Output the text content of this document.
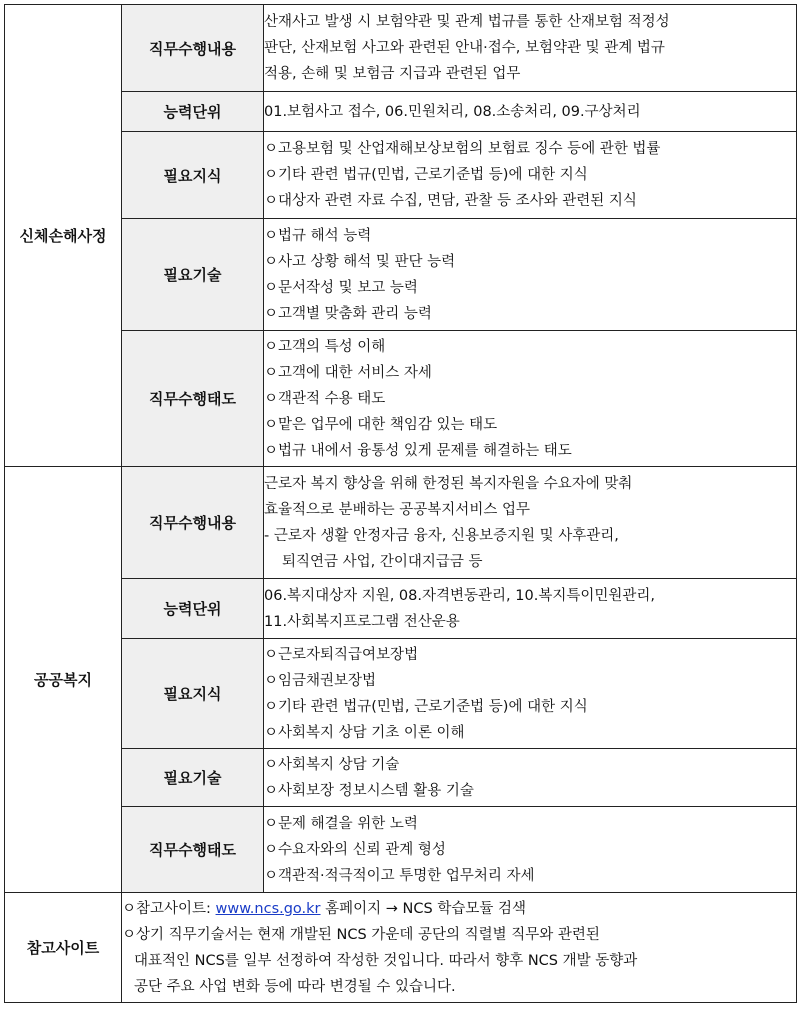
신체손해사정	직무수행내용	산재사고 발생 시 보험약관 및 관계 법규를 통한 산재보험 적정성
판단, 산재보험 사고와 관련된 안내·접수, 보험약관 및 관계 법규
적용, 손해 및 보험금 지급과 관련된 업무

	능력단위	01.보험사고 접수, 06.민원처리, 08.소송처리, 09.구상처리

	필요지식	ㅇ고용보험 및 산업재해보상보험의 보험료 징수 등에 관한 법률
ㅇ기타 관련 법규(민법, 근로기준법 등)에 대한 지식
ㅇ대상자 관련 자료 수집, 면담, 관찰 등 조사와 관련된 지식

	필요기술	ㅇ법규 해석 능력
ㅇ사고 상황 해석 및 판단 능력
ㅇ문서작성 및 보고 능력
ㅇ고객별 맞춤화 관리 능력

	직무수행태도	ㅇ고객의 특성 이해
ㅇ고객에 대한 서비스 자세
ㅇ객관적 수용 태도
ㅇ맡은 업무에 대한 책임감 있는 태도
ㅇ법규 내에서 융통성 있게 문제를 해결하는 태도

공공복지	직무수행내용	근로자 복지 향상을 위해 한정된 복지자원을 수요자에 맞춰
효율적으로 분배하는 공공복지서비스 업무
- 근로자 생활 안정자금 융자, 신용보증지원 및 사후관리,
퇴직연금 사업, 간이대지급금 등

	능력단위	06.복지대상자 지원, 08.자격변동관리, 10.복지특이민원관리,
11.사회복지프로그램 전산운용

	필요지식	ㅇ근로자퇴직급여보장법
ㅇ임금채권보장법
ㅇ기타 관련 법규(민법, 근로기준법 등)에 대한 지식
ㅇ사회복지 상담 기초 이론 이해

	필요기술	ㅇ사회복지 상담 기술
ㅇ사회보장 정보시스템 활용 기술

	직무수행태도	ㅇ문제 해결을 위한 노력
ㅇ수요자와의 신뢰 관계 형성
ㅇ객관적·적극적이고 투명한 업무처리 자세

참고사이트	ㅇ참고사이트: www.ncs.go.kr 홈페이지 → NCS 학습모듈 검색
ㅇ상기 직무기술서는 현재 개발된 NCS 가운데 공단의 직렬별 직무와 관련된
대표적인 NCS를 일부 선정하여 작성한 것입니다. 따라서 향후 NCS 개발 동향과
공단 주요 사업 변화 등에 따라 변경될 수 있습니다.	
